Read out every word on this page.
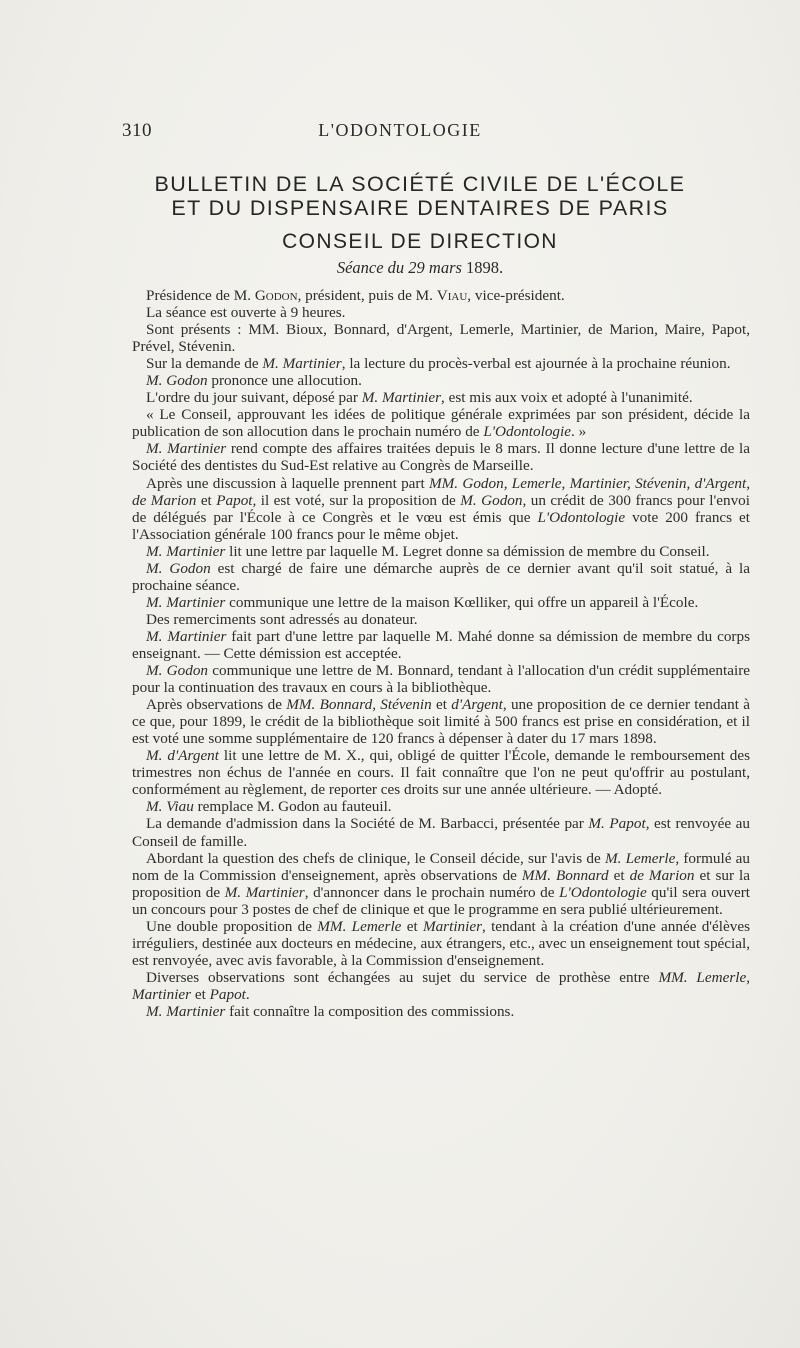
310	L'ODONTOLOGIE
BULLETIN DE LA SOCIÉTÉ CIVILE DE L'ÉCOLE
ET DU DISPENSAIRE DENTAIRES DE PARIS
CONSEIL DE DIRECTION
Séance du 29 mars 1898.

Présidence de M. Godon, président, puis de M. Viau, vice-président.

La séance est ouverte à 9 heures.

Sont présents : MM. Bioux, Bonnard, d'Argent, Lemerle, Martinier, de Marion, Maire, Papot, Prével, Stévenin.

Sur la demande de M. Martinier, la lecture du procès-verbal est ajournée à la prochaine réunion.

M. Godon prononce une allocution.

L'ordre du jour suivant, déposé par M. Martinier, est mis aux voix et adopté à l'unanimité.

« Le Conseil, approuvant les idées de politique générale exprimées par son président, décide la publication de son allocution dans le prochain numéro de L'Odontologie. »

M. Martinier rend compte des affaires traitées depuis le 8 mars. Il donne lecture d'une lettre de la Société des dentistes du Sud-Est relative au Congrès de Marseille.

Après une discussion à laquelle prennent part MM. Godon, Lemerle, Martinier, Stévenin, d'Argent, de Marion et Papot, il est voté, sur la proposition de M. Godon, un crédit de 300 francs pour l'envoi de délégués par l'École à ce Congrès et le vœu est émis que L'Odontologie vote 200 francs et l'Association générale 100 francs pour le même objet.

M. Martinier lit une lettre par laquelle M. Legret donne sa démission de membre du Conseil.

M. Godon est chargé de faire une démarche auprès de ce dernier avant qu'il soit statué, à la prochaine séance.

M. Martinier communique une lettre de la maison Kœlliker, qui offre un appareil à l'École.

Des remerciments sont adressés au donateur.

M. Martinier fait part d'une lettre par laquelle M. Mahé donne sa démission de membre du corps enseignant. — Cette démission est acceptée.

M. Godon communique une lettre de M. Bonnard, tendant à l'allocation d'un crédit supplémentaire pour la continuation des travaux en cours à la bibliothèque.

Après observations de MM. Bonnard, Stévenin et d'Argent, une proposition de ce dernier tendant à ce que, pour 1899, le crédit de la bibliothèque soit limité à 500 francs est prise en considération, et il est voté une somme supplémentaire de 120 francs à dépenser à dater du 17 mars 1898.

M. d'Argent lit une lettre de M. X., qui, obligé de quitter l'École, demande le remboursement des trimestres non échus de l'année en cours. Il fait connaître que l'on ne peut qu'offrir au postulant, conformément au règlement, de reporter ces droits sur une année ultérieure. — Adopté.

M. Viau remplace M. Godon au fauteuil.

La demande d'admission dans la Société de M. Barbacci, présentée par M. Papot, est renvoyée au Conseil de famille.

Abordant la question des chefs de clinique, le Conseil décide, sur l'avis de M. Lemerle, formulé au nom de la Commission d'enseignement, après observations de MM. Bonnard et de Marion et sur la proposition de M. Martinier, d'annoncer dans le prochain numéro de L'Odontologie qu'il sera ouvert un concours pour 3 postes de chef de clinique et que le programme en sera publié ultérieurement.

Une double proposition de MM. Lemerle et Martinier, tendant à la création d'une année d'élèves irréguliers, destinée aux docteurs en médecine, aux étrangers, etc., avec un enseignement tout spécial, est renvoyée, avec avis favorable, à la Commission d'enseignement.

Diverses observations sont échangées au sujet du service de prothèse entre MM. Lemerle, Martinier et Papot.

M. Martinier fait connaître la composition des commissions.
